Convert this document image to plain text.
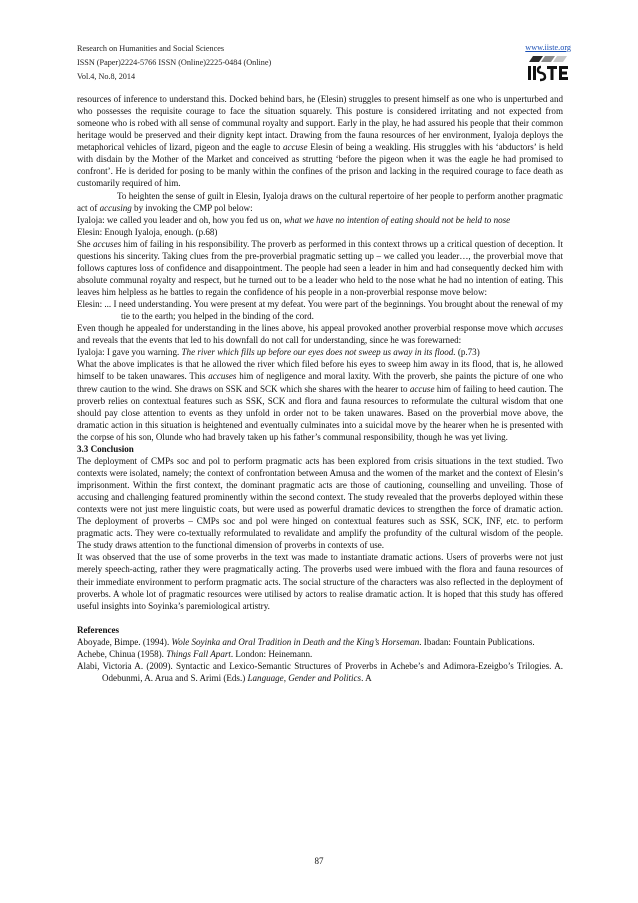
Research on Humanities and Social Sciences
ISSN (Paper)2224-5766 ISSN (Online)2225-0484 (Online)
Vol.4, No.8, 2014
www.iiste.org

resources of inference to understand this. Docked behind bars, he (Elesin) struggles to present himself as one who is unperturbed and who possesses the requisite courage to face the situation squarely. This posture is considered irritating and not expected from someone who is robed with all sense of communal royalty and support. Early in the play, he had assured his people that their common heritage would be preserved and their dignity kept intact. Drawing from the fauna resources of her environment, Iyaloja deploys the metaphorical vehicles of lizard, pigeon and the eagle to accuse Elesin of being a weakling. His struggles with his ‘abductors’ is held with disdain by the Mother of the Market and conceived as strutting ‘before the pigeon when it was the eagle he had promised to confront’. He is derided for posing to be manly within the confines of the prison and lacking in the required courage to face death as customarily required of him.

To heighten the sense of guilt in Elesin, Iyaloja draws on the cultural repertoire of her people to perform another pragmatic act of accusing by invoking the CMP pol below:

Iyaloja: we called you leader and oh, how you fed us on, what we have no intention of eating should not be held to nose

Elesin: Enough Iyaloja, enough. (p.68)

She accuses him of failing in his responsibility. The proverb as performed in this context throws up a critical question of deception. It questions his sincerity. Taking clues from the pre-proverbial pragmatic setting up – we called you leader…, the proverbial move that follows captures loss of confidence and disappointment. The people had seen a leader in him and had consequently decked him with absolute communal royalty and respect, but he turned out to be a leader who held to the nose what he had no intention of eating. This leaves him helpless as he battles to regain the confidence of his people in a non-proverbial response move below:

Elesin: ... I need understanding. You were present at my defeat. You were part of the beginnings. You brought about the renewal of my tie to the earth; you helped in the binding of the cord.

Even though he appealed for understanding in the lines above, his appeal provoked another proverbial response move which accuses and reveals that the events that led to his downfall do not call for understanding, since he was forewarned:

Iyaloja: I gave you warning. The river which fills up before our eyes does not sweep us away in its flood. (p.73)

What the above implicates is that he allowed the river which filed before his eyes to sweep him away in its flood, that is, he allowed himself to be taken unawares. This accuses him of negligence and moral laxity. With the proverb, she paints the picture of one who threw caution to the wind. She draws on SSK and SCK which she shares with the hearer to accuse him of failing to heed caution. The proverb relies on contextual features such as SSK, SCK and flora and fauna resources to reformulate the cultural wisdom that one should pay close attention to events as they unfold in order not to be taken unawares. Based on the proverbial move above, the dramatic action in this situation is heightened and eventually culminates into a suicidal move by the hearer when he is presented with the corpse of his son, Olunde who had bravely taken up his father’s communal responsibility, though he was yet living.

3.3 Conclusion

The deployment of CMPs soc and pol to perform pragmatic acts has been explored from crisis situations in the text studied. Two contexts were isolated, namely; the context of confrontation between Amusa and the women of the market and the context of Elesin’s imprisonment. Within the first context, the dominant pragmatic acts are those of cautioning, counselling and unveiling. Those of accusing and challenging featured prominently within the second context. The study revealed that the proverbs deployed within these contexts were not just mere linguistic coats, but were used as powerful dramatic devices to strengthen the force of dramatic action. The deployment of proverbs – CMPs soc and pol were hinged on contextual features such as SSK, SCK, INF, etc. to perform pragmatic acts. They were co-textually reformulated to revalidate and amplify the profundity of the cultural wisdom of the people. The study draws attention to the functional dimension of proverbs in contexts of use.

It was observed that the use of some proverbs in the text was made to instantiate dramatic actions. Users of proverbs were not just merely speech-acting, rather they were pragmatically acting. The proverbs used were imbued with the flora and fauna resources of their immediate environment to perform pragmatic acts. The social structure of the characters was also reflected in the deployment of proverbs. A whole lot of pragmatic resources were utilised by actors to realise dramatic action. It is hoped that this study has offered useful insights into Soyinka’s paremiological artistry.

References

Aboyade, Bimpe. (1994). Wole Soyinka and Oral Tradition in Death and the King’s Horseman. Ibadan: Fountain Publications.

Achebe, Chinua (1958). Things Fall Apart. London: Heinemann.

Alabi, Victoria A. (2009). Syntactic and Lexico-Semantic Structures of Proverbs in Achebe’s and Adimora-Ezeigbo’s Trilogies. A. Odebunmi, A. Arua and S. Arimi (Eds.) Language, Gender and Politics. A

87
